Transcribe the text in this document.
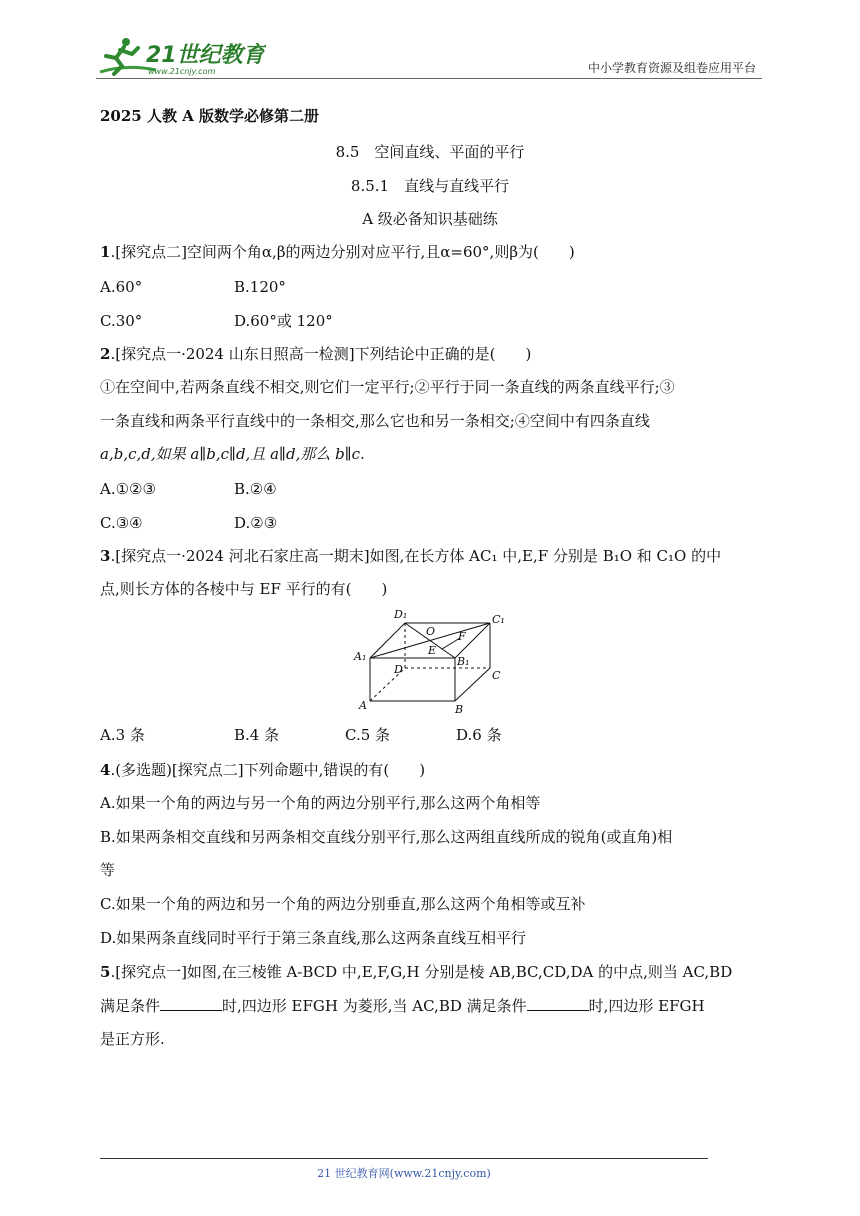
21世纪教育
www.21cnjy.com	中小学教育资源及组卷应用平台
2025 人教 A 版数学必修第二册
8.5　空间直线、平面的平行
8.5.1　直线与直线平行
A 级必备知识基础练
1.[探究点二]空间两个角α,β的两边分别对应平行,且α=60°,则β为(　　)
A.60°	B.120°
C.30°	D.60°或 120°
2.[探究点一·2024 山东日照高一检测]下列结论中正确的是(　　)
①在空间中,若两条直线不相交,则它们一定平行;②平行于同一条直线的两条直线平行;③
一条直线和两条平行直线中的一条相交,那么它也和另一条相交;④空间中有四条直线
a,b,c,d,如果 a∥b,c∥d,且 a∥d,那么 b∥c.
A.①②③	B.②④
C.③④	D.②③
3.[探究点一·2024 河北石家庄高一期末]如图,在长方体 AC₁ 中,E,F 分别是 B₁O 和 C₁O 的中
点,则长方体的各棱中与 EF 平行的有(　　)
D₁	C₁
O F
A₁	E
B₁
D	C
A	B
A.3 条	B.4 条	C.5 条	D.6 条
4.(多选题)[探究点二]下列命题中,错误的有(　　)
A.如果一个角的两边与另一个角的两边分别平行,那么这两个角相等
B.如果两条相交直线和另两条相交直线分别平行,那么这两组直线所成的锐角(或直角)相
等
C.如果一个角的两边和另一个角的两边分别垂直,那么这两个角相等或互补
D.如果两条直线同时平行于第三条直线,那么这两条直线互相平行
5.[探究点一]如图,在三棱锥 A-BCD 中,E,F,G,H 分别是棱 AB,BC,CD,DA 的中点,则当 AC,BD
满足条件	时,四边形 EFGH 为菱形,当 AC,BD 满足条件	时,四边形 EFGH
是正方形.
21 世纪教育网(www.21cnjy.com)
